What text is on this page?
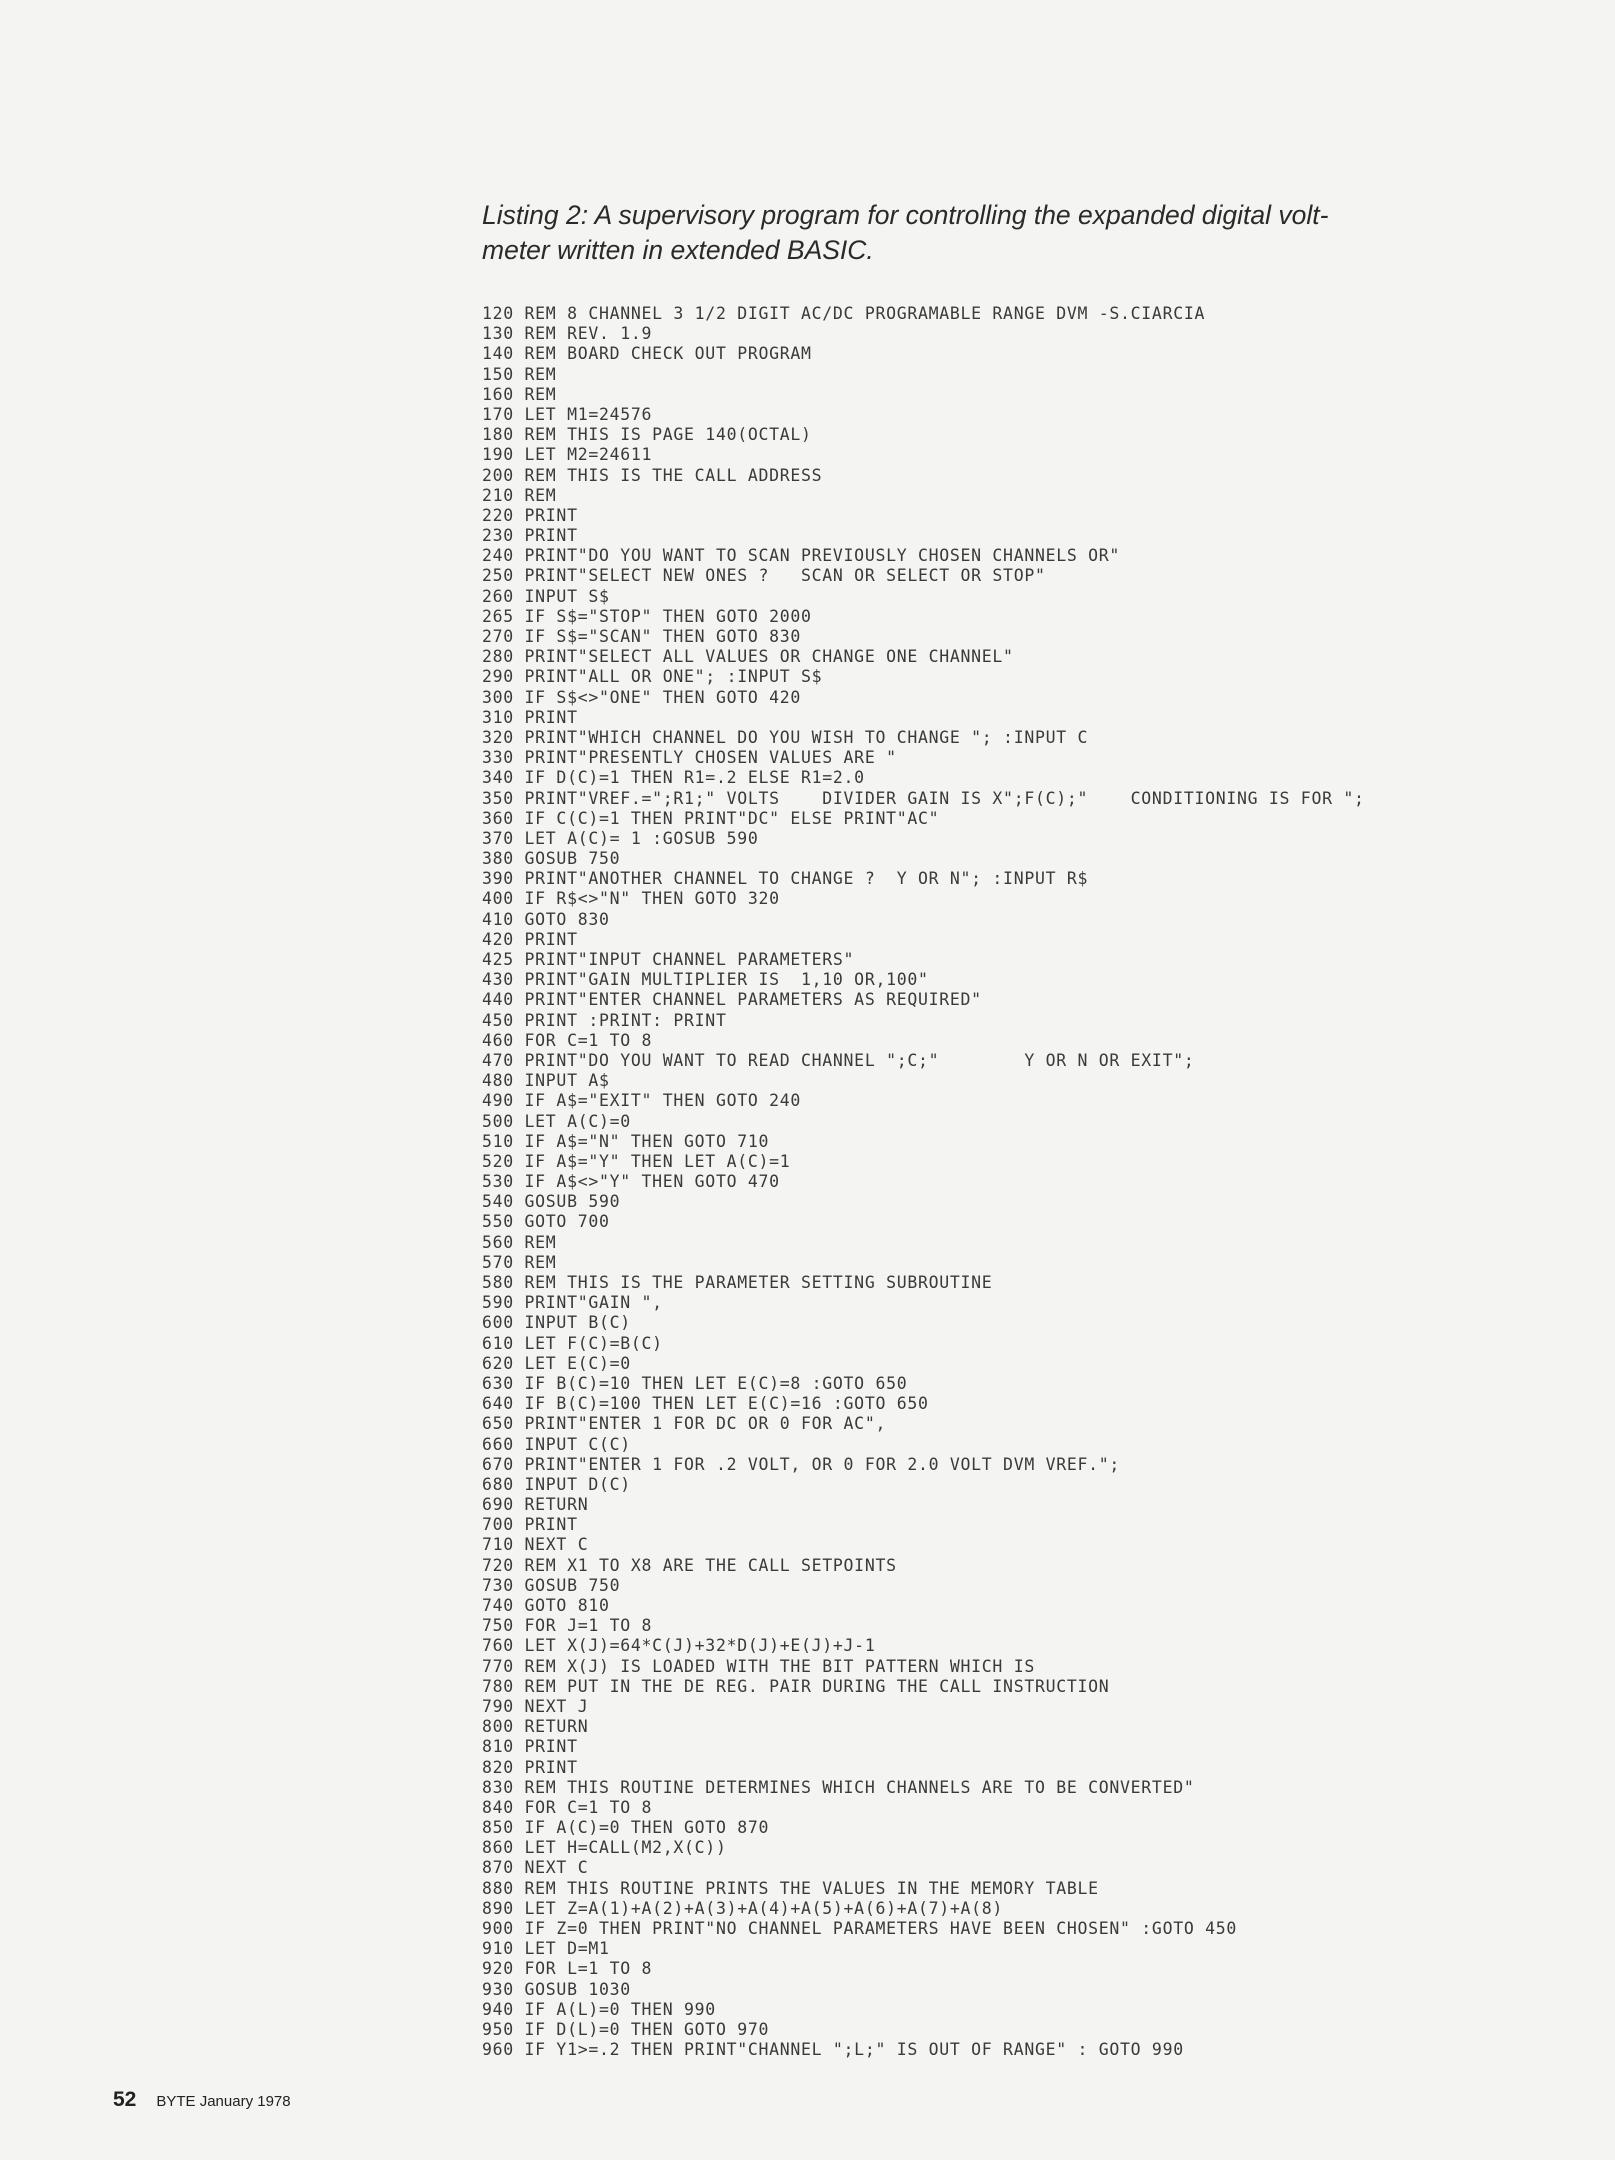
Listing 2: A supervisory program for controlling the expanded digital volt-
meter written in extended BASIC.
120 REM 8 CHANNEL 3 1/2 DIGIT AC/DC PROGRAMABLE RANGE DVM -S.CIARCIA
130 REM REV. 1.9
140 REM BOARD CHECK OUT PROGRAM
150 REM
160 REM
170 LET M1=24576
180 REM THIS IS PAGE 140(OCTAL)
190 LET M2=24611
200 REM THIS IS THE CALL ADDRESS
210 REM
220 PRINT
230 PRINT
240 PRINT"DO YOU WANT TO SCAN PREVIOUSLY CHOSEN CHANNELS OR"
250 PRINT"SELECT NEW ONES ?   SCAN OR SELECT OR STOP"
260 INPUT S$
265 IF S$="STOP" THEN GOTO 2000
270 IF S$="SCAN" THEN GOTO 830
280 PRINT"SELECT ALL VALUES OR CHANGE ONE CHANNEL"
290 PRINT"ALL OR ONE"; :INPUT S$
300 IF S$<>"ONE" THEN GOTO 420
310 PRINT
320 PRINT"WHICH CHANNEL DO YOU WISH TO CHANGE "; :INPUT C
330 PRINT"PRESENTLY CHOSEN VALUES ARE "
340 IF D(C)=1 THEN R1=.2 ELSE R1=2.0
350 PRINT"VREF.=";R1;" VOLTS    DIVIDER GAIN IS X";F(C);"    CONDITIONING IS FOR ";
360 IF C(C)=1 THEN PRINT"DC" ELSE PRINT"AC"
370 LET A(C)= 1 :GOSUB 590
380 GOSUB 750
390 PRINT"ANOTHER CHANNEL TO CHANGE ?  Y OR N"; :INPUT R$
400 IF R$<>"N" THEN GOTO 320
410 GOTO 830
420 PRINT
425 PRINT"INPUT CHANNEL PARAMETERS"
430 PRINT"GAIN MULTIPLIER IS  1,10 OR,100"
440 PRINT"ENTER CHANNEL PARAMETERS AS REQUIRED"
450 PRINT :PRINT: PRINT
460 FOR C=1 TO 8
470 PRINT"DO YOU WANT TO READ CHANNEL ";C;"        Y OR N OR EXIT";
480 INPUT A$
490 IF A$="EXIT" THEN GOTO 240
500 LET A(C)=0
510 IF A$="N" THEN GOTO 710
520 IF A$="Y" THEN LET A(C)=1
530 IF A$<>"Y" THEN GOTO 470
540 GOSUB 590
550 GOTO 700
560 REM
570 REM
580 REM THIS IS THE PARAMETER SETTING SUBROUTINE
590 PRINT"GAIN ",
600 INPUT B(C)
610 LET F(C)=B(C)
620 LET E(C)=0
630 IF B(C)=10 THEN LET E(C)=8 :GOTO 650
640 IF B(C)=100 THEN LET E(C)=16 :GOTO 650
650 PRINT"ENTER 1 FOR DC OR 0 FOR AC",
660 INPUT C(C)
670 PRINT"ENTER 1 FOR .2 VOLT, OR 0 FOR 2.0 VOLT DVM VREF.";
680 INPUT D(C)
690 RETURN
700 PRINT
710 NEXT C
720 REM X1 TO X8 ARE THE CALL SETPOINTS
730 GOSUB 750
740 GOTO 810
750 FOR J=1 TO 8
760 LET X(J)=64*C(J)+32*D(J)+E(J)+J-1
770 REM X(J) IS LOADED WITH THE BIT PATTERN WHICH IS
780 REM PUT IN THE DE REG. PAIR DURING THE CALL INSTRUCTION
790 NEXT J
800 RETURN
810 PRINT
820 PRINT
830 REM THIS ROUTINE DETERMINES WHICH CHANNELS ARE TO BE CONVERTED"
840 FOR C=1 TO 8
850 IF A(C)=0 THEN GOTO 870
860 LET H=CALL(M2,X(C))
870 NEXT C
880 REM THIS ROUTINE PRINTS THE VALUES IN THE MEMORY TABLE
890 LET Z=A(1)+A(2)+A(3)+A(4)+A(5)+A(6)+A(7)+A(8)
900 IF Z=0 THEN PRINT"NO CHANNEL PARAMETERS HAVE BEEN CHOSEN" :GOTO 450
910 LET D=M1
920 FOR L=1 TO 8
930 GOSUB 1030
940 IF A(L)=0 THEN 990
950 IF D(L)=0 THEN GOTO 970
960 IF Y1>=.2 THEN PRINT"CHANNEL ";L;" IS OUT OF RANGE" : GOTO 990
52 BYTE January 1978
